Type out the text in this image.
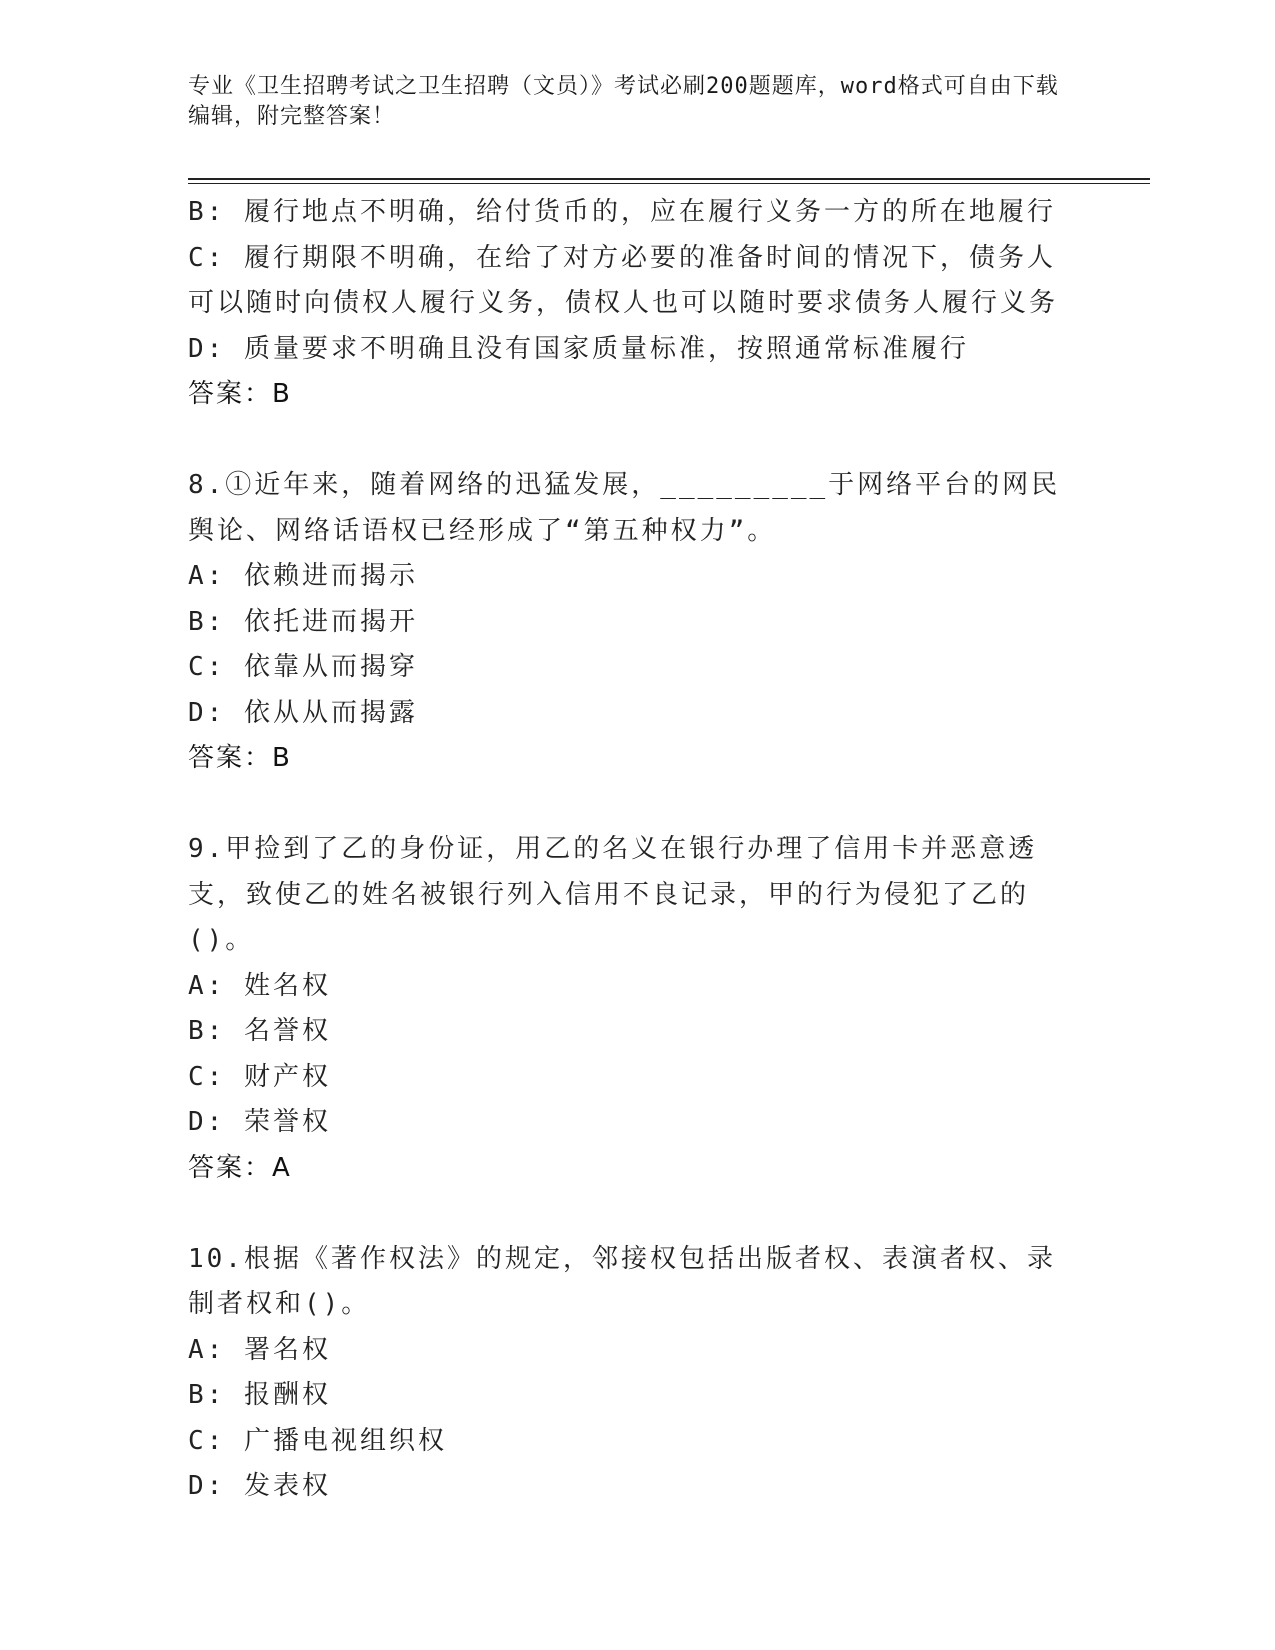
专业《卫生招聘考试之卫生招聘（文员）》考试必刷200题题库，word格式可自由下载编辑，附完整答案！

B: 履行地点不明确，给付货币的，应在履行义务一方的所在地履行

C: 履行期限不明确，在给了对方必要的准备时间的情况下，债务人可以随时向债权人履行义务，债权人也可以随时要求债务人履行义务

D: 质量要求不明确且没有国家质量标准，按照通常标准履行

答案：B

8.①近年来，随着网络的迅猛发展，_________于网络平台的网民舆论、网络话语权已经形成了“第五种权力”。

A: 依赖进而揭示

B: 依托进而揭开

C: 依靠从而揭穿

D: 依从从而揭露

答案：B

9.甲捡到了乙的身份证，用乙的名义在银行办理了信用卡并恶意透支，致使乙的姓名被银行列入信用不良记录，甲的行为侵犯了乙的()。

A: 姓名权

B: 名誉权

C: 财产权

D: 荣誉权

答案：A

10.根据《著作权法》的规定，邻接权包括出版者权、表演者权、录制者权和()。

A: 署名权

B: 报酬权

C: 广播电视组织权

D: 发表权
